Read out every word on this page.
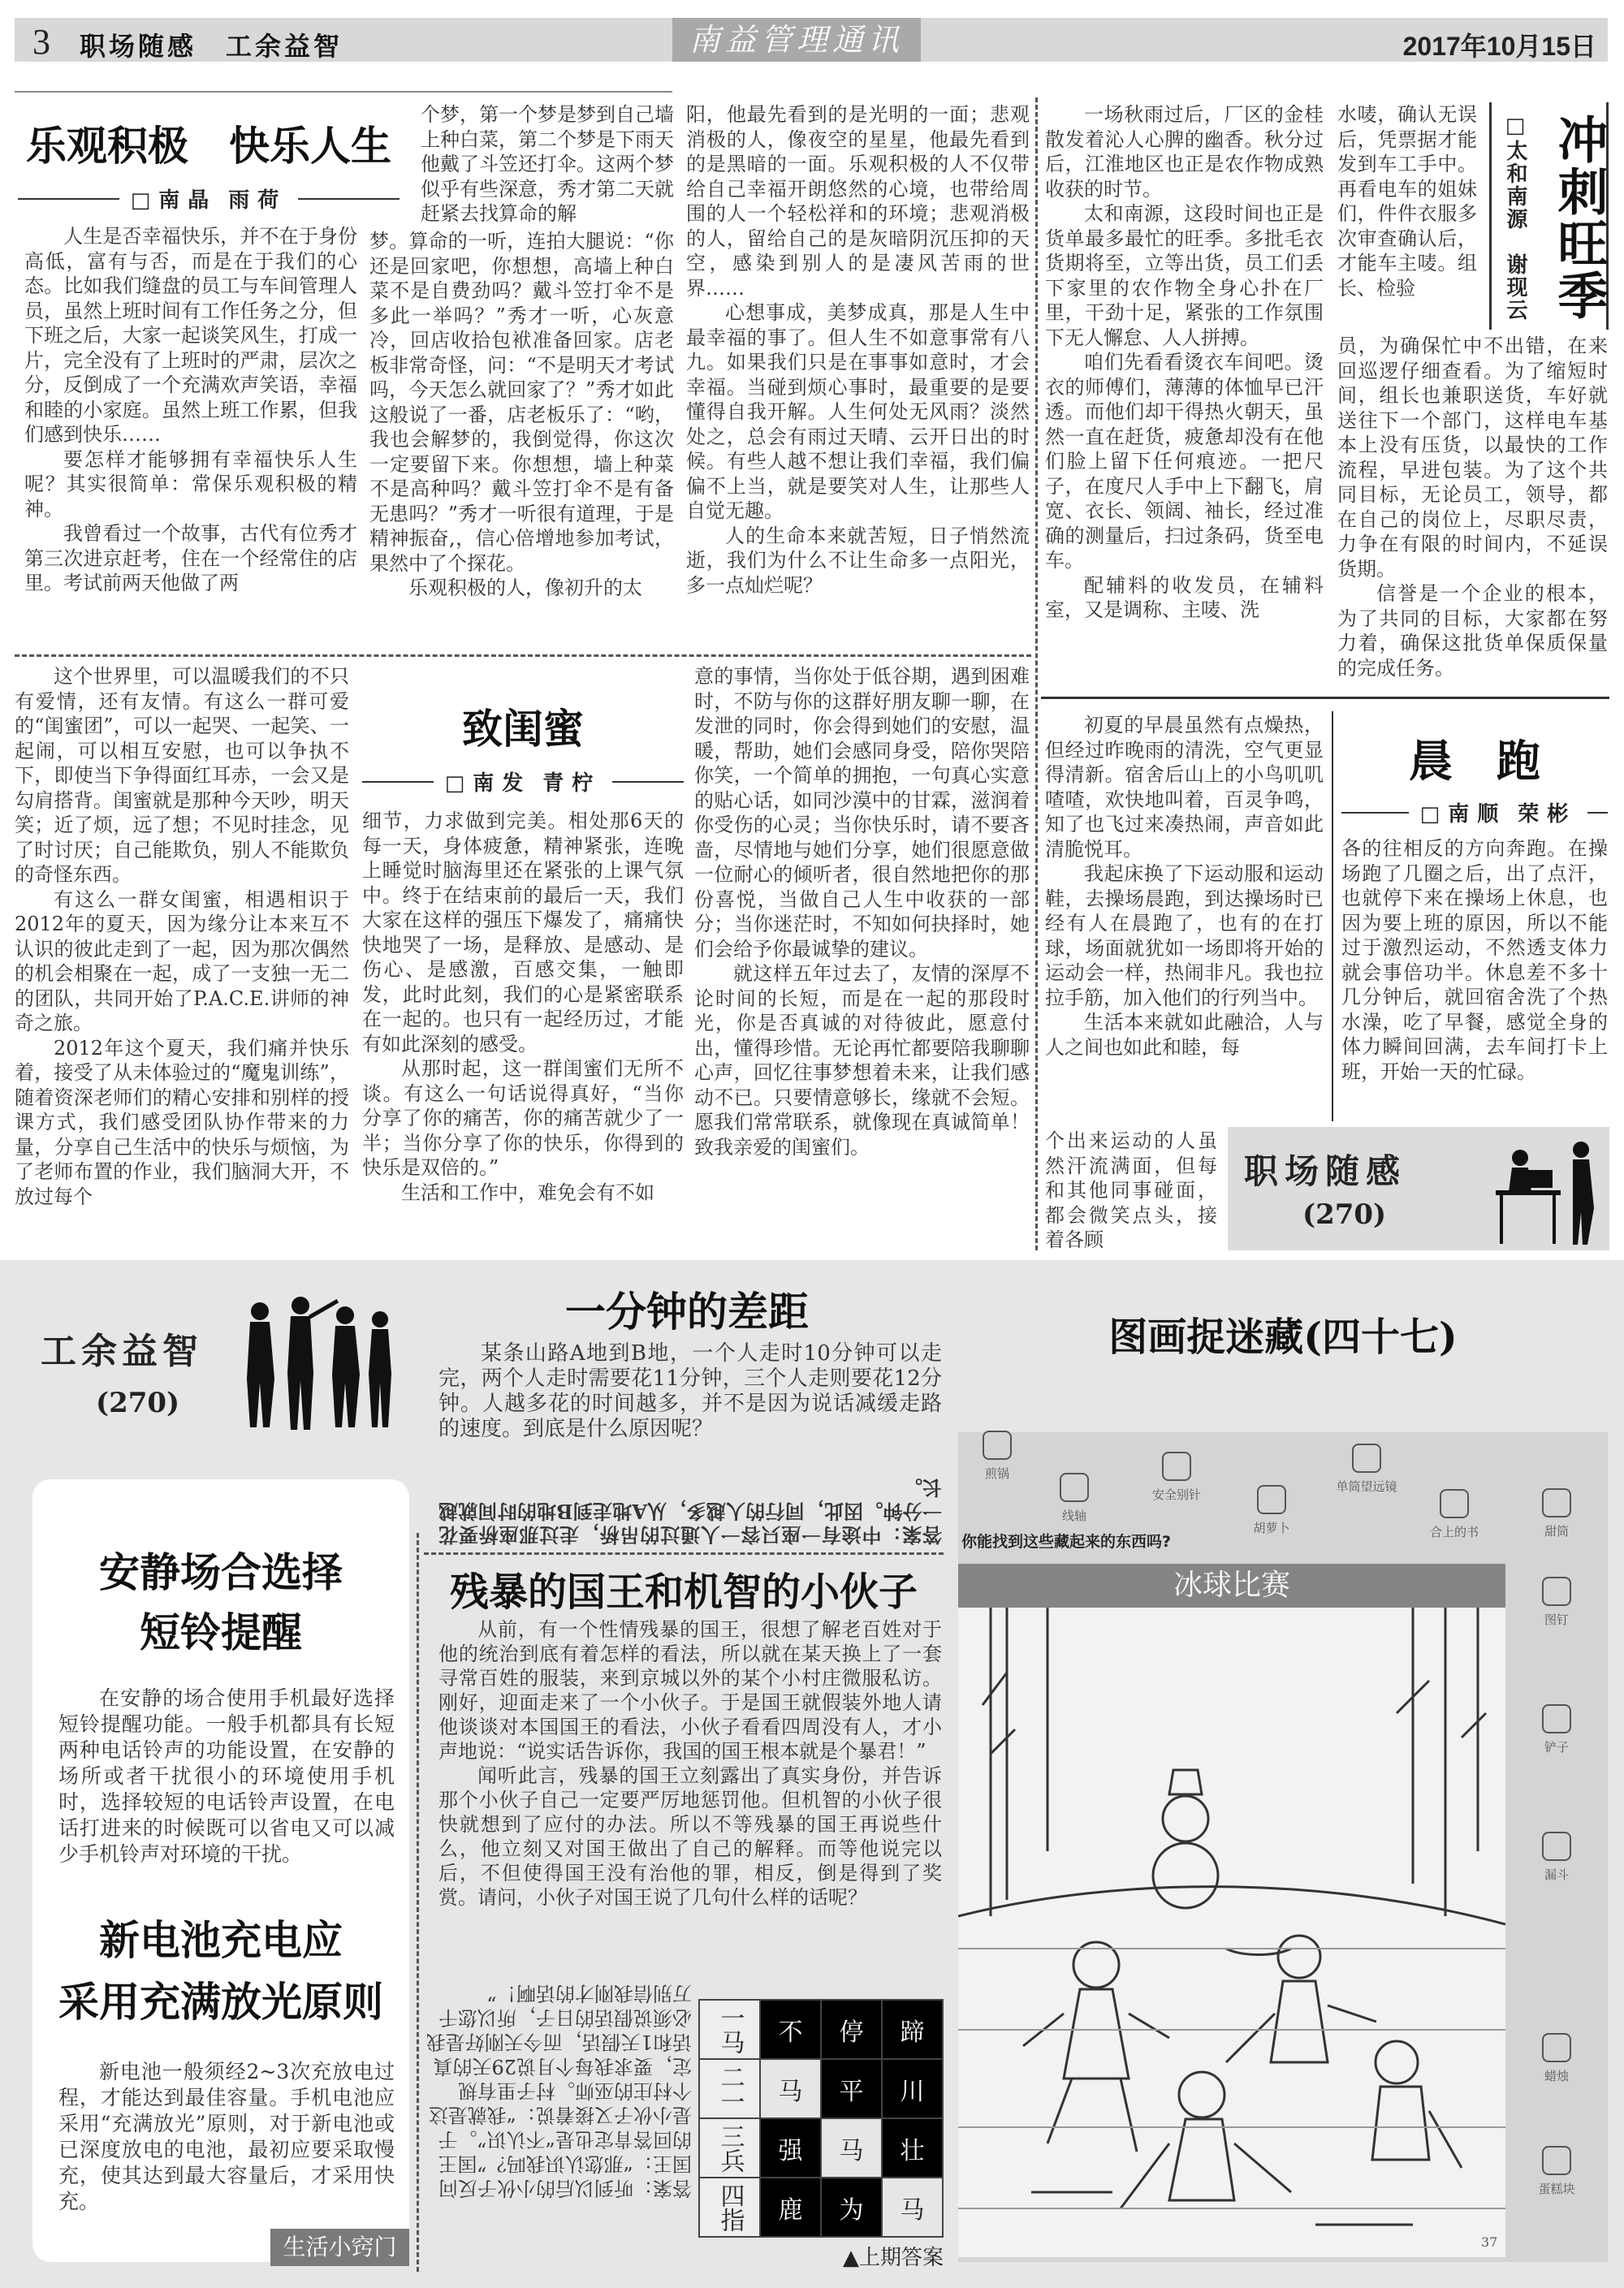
3 职场随感　工余益智	南益管理通讯	2017年10月15日
乐观积极　快乐人生
□南晶 雨荷

人生是否幸福快乐，并不在于身份高低，富有与否，而是在于我们的心态。比如我们缝盘的员工与车间管理人员，虽然上班时间有工作任务之分，但下班之后，大家一起谈笑风生，打成一片，完全没有了上班时的严肃，层次之分，反倒成了一个充满欢声笑语，幸福和睦的小家庭。虽然上班工作累，但我们感到快乐……

要怎样才能够拥有幸福快乐人生呢？其实很简单：常保乐观积极的精神。

我曾看过一个故事，古代有位秀才第三次进京赶考，住在一个经常住的店里。考试前两天他做了两

个梦，第一个梦是梦到自己墙上种白菜，第二个梦是下雨天他戴了斗笠还打伞。这两个梦似乎有些深意，秀才第二天就赶紧去找算命的解

梦。算命的一听，连拍大腿说：“你还是回家吧，你想想，高墙上种白菜不是自费劲吗？戴斗笠打伞不是多此一举吗？”秀才一听，心灰意冷，回店收拾包袱准备回家。店老板非常奇怪，问：“不是明天才考试吗，今天怎么就回家了？”秀才如此这般说了一番，店老板乐了：“哟，我也会解梦的，我倒觉得，你这次一定要留下来。你想想，墙上种菜不是高种吗？戴斗笠打伞不是有备无患吗？”秀才一听很有道理，于是精神振奋,，信心倍增地参加考试，果然中了个探花。

乐观积极的人，像初升的太

阳，他最先看到的是光明的一面；悲观消极的人，像夜空的星星，他最先看到的是黑暗的一面。乐观积极的人不仅带给自己幸福开朗悠然的心境，也带给周围的人一个轻松祥和的环境；悲观消极的人，留给自己的是灰暗阴沉压抑的天空，感染到别人的是凄风苦雨的世界……

心想事成，美梦成真，那是人生中最幸福的事了。但人生不如意事常有八九。如果我们只是在事事如意时，才会幸福。当碰到烦心事时，最重要的是要懂得自我开解。人生何处无风雨？淡然处之，总会有雨过天晴、云开日出的时候。有些人越不想让我们幸福，我们偏偏不上当，就是要笑对人生，让那些人自觉无趣。

人的生命本来就苦短，日子悄然流逝，我们为什么不让生命多一点阳光，多一点灿烂呢？

一场秋雨过后，厂区的金桂散发着沁人心脾的幽香。秋分过后，江淮地区也正是农作物成熟收获的时节。

太和南源，这段时间也正是货单最多最忙的旺季。多批毛衣货期将至，立等出货，员工们丢下家里的农作物全身心扑在厂里，干劲十足，紧张的工作氛围下无人懈怠、人人拼搏。

咱们先看看烫衣车间吧。烫衣的师傅们，薄薄的体恤早已汗透。而他们却干得热火朝天，虽然一直在赶货，疲惫却没有在他们脸上留下任何痕迹。一把尺子，在度尺人手中上下翻飞，肩宽、衣长、领阔、袖长，经过准确的测量后，扫过条码，货至电车。

配辅料的收发员，在辅料室，又是调称、主唛、洗

水唛，确认无误后，凭票据才能发到车工手中。再看电车的姐妹们，件件衣服多次审查确认后，才能车主唛。组长、检验

员，为确保忙中不出错，在来回巡逻仔细查看。为了缩短时间，组长也兼职送货，车好就送往下一个部门，这样电车基本上没有压货，以最快的工作流程，早进包装。为了这个共同目标，无论员工，领导，都在自己的岗位上，尽职尽责，力争在有限的时间内，不延误货期。

信誉是一个企业的根本，为了共同的目标，大家都在努力着，确保这批货单保质保量的完成任务。

□太和南源　谢现云 冲刺旺季

这个世界里，可以温暖我们的不只有爱情，还有友情。有这么一群可爱的“闺蜜团”，可以一起哭、一起笑、一起闹，可以相互安慰，也可以争执不下，即使当下争得面红耳赤，一会又是勾肩搭背。闺蜜就是那种今天吵，明天笑；近了烦，远了想；不见时挂念，见了时讨厌；自己能欺负，别人不能欺负的奇怪东西。

有这么一群女闺蜜，相遇相识于2012年的夏天，因为缘分让本来互不认识的彼此走到了一起，因为那次偶然的机会相聚在一起，成了一支独一无二的团队，共同开始了P.A.C.E.讲师的神奇之旅。

2012年这个夏天，我们痛并快乐着，接受了从未体验过的“魔鬼训练”，随着资深老师们的精心安排和别样的授课方式，我们感受团队协作带来的力量，分享自己生活中的快乐与烦恼，为了老师布置的作业，我们脑洞大开，不放过每个

致闺蜜
□南发 青柠

细节，力求做到完美。相处那6天的每一天，身体疲惫，精神紧张，连晚上睡觉时脑海里还在紧张的上课气氛中。终于在结束前的最后一天，我们大家在这样的强压下爆发了，痛痛快快地哭了一场，是释放、是感动、是伤心、是感激，百感交集，一触即发，此时此刻，我们的心是紧密联系在一起的。也只有一起经历过，才能有如此深刻的感受。

从那时起，这一群闺蜜们无所不谈。有这么一句话说得真好，“当你分享了你的痛苦，你的痛苦就少了一半；当你分享了你的快乐，你得到的快乐是双倍的。”

生活和工作中，难免会有不如

意的事情，当你处于低谷期，遇到困难时，不防与你的这群好朋友聊一聊，在发泄的同时，你会得到她们的安慰，温暖，帮助，她们会感同身受，陪你哭陪你笑，一个简单的拥抱，一句真心实意的贴心话，如同沙漠中的甘霖，滋润着你受伤的心灵；当你快乐时，请不要吝啬，尽情地与她们分享，她们很愿意做一位耐心的倾听者，很自然地把你的那份喜悦，当做自己人生中收获的一部分；当你迷茫时，不知如何抉择时，她们会给予你最诚挚的建议。

就这样五年过去了，友情的深厚不论时间的长短，而是在一起的那段时光，你是否真诚的对待彼此，愿意付出，懂得珍惜。无论再忙都要陪我聊聊心声，回忆往事梦想着未来，让我们感动不已。只要情意够长，缘就不会短。愿我们常常联系，就像现在真诚简单！致我亲爱的闺蜜们。

初夏的早晨虽然有点燥热，但经过昨晚雨的清洗，空气更显得清新。宿舍后山上的小鸟叽叽喳喳，欢快地叫着，百灵争鸣，知了也飞过来凑热闹，声音如此清脆悦耳。

我起床换了下运动服和运动鞋，去操场晨跑，到达操场时已经有人在晨跑了，也有的在打球，场面就犹如一场即将开始的运动会一样，热闹非凡。我也拉拉手筋，加入他们的行列当中。

生活本来就如此融洽，人与人之间也如此和睦，每

个出来运动的人虽然汗流满面，但每和其他同事碰面，都会微笑点头，接着各顾

晨　跑
□南顺 荣彬

各的往相反的方向奔跑。在操场跑了几圈之后，出了点汗，也就停下来在操场上休息，也因为要上班的原因，所以不能过于激烈运动，不然透支体力就会事倍功半。休息差不多十几分钟后，就回宿舍洗了个热水澡，吃了早餐，感觉全身的体力瞬间回满，去车间打卡上班，开始一天的忙碌。

职场随感
(270)
工余益智
(270)
安静场合选择
短铃提醒

在安静的场合使用手机最好选择短铃提醒功能。一般手机都具有长短两种电话铃声的功能设置，在安静的场所或者干扰很小的环境使用手机时，选择较短的电话铃声设置，在电话打进来的时候既可以省电又可以减少手机铃声对环境的干扰。

新电池充电应
采用充满放光原则

新电池一般须经2~3次充放电过程，才能达到最佳容量。手机电池应采用“充满放光”原则，对于新电池或已深度放电的电池，最初应要采取慢充，使其达到最大容量后，才采用快充。

生活小窍门
一分钟的差距

某条山路A地到B地，一个人走时10分钟可以走完，两个人走时需要花11分钟，三个人走则要花12分钟。人越多花的时间越多，并不是因为说话减缓走路的速度。到底是什么原因呢？

答案：中途有一座只容一人通过的吊桥，走过那座桥要花一分钟。因此，同行的人越多，从A地走到B地的时间就越长。
残暴的国王和机智的小伙子

从前，有一个性情残暴的国王，很想了解老百姓对于他的统治到底有着怎样的看法，所以就在某天换上了一套寻常百姓的服装，来到京城以外的某个小村庄微服私访。刚好，迎面走来了一个小伙子。于是国王就假装外地人请他谈谈对本国国王的看法，小伙子看看四周没有人，才小声地说：“说实话告诉你，我国的国王根本就是个暴君！”

闻听此言，残暴的国王立刻露出了真实身份，并告诉那个小伙子自己一定要严厉地惩罚他。但机智的小伙子很快就想到了应付的办法。所以不等残暴的国王再说些什么，他立刻又对国王做出了自己的解释。而等他说完以后，不但使得国王没有治他的罪，相反，倒是得到了奖赏。请问，小伙子对国王说了几句什么样的话呢？

答案：听到以后的小伙子反问国王：“那您认识我吗？”国王的回答肯定也是“不认识”。于是小伙子又接着说：“我就是这个村庄的巫师。村子里有规定，要求我每个月说29天的真话和1天假话，而今天刚好是我必须说假话的日子，所以您千万别信我刚才的话啊！”
一马	不	停	蹄
二一	马	平	川
三兵	强	马	壮
四指	鹿	为	马
▲上期答案
图画捉迷藏(四十七)
煎锅
线轴
安全别针
胡萝卜
单筒望远镜
合上的书	甜筒
图钉
铲子
漏斗
蜡烛
蛋糕块
你能找到这些藏起来的东西吗?
冰球比赛
37
